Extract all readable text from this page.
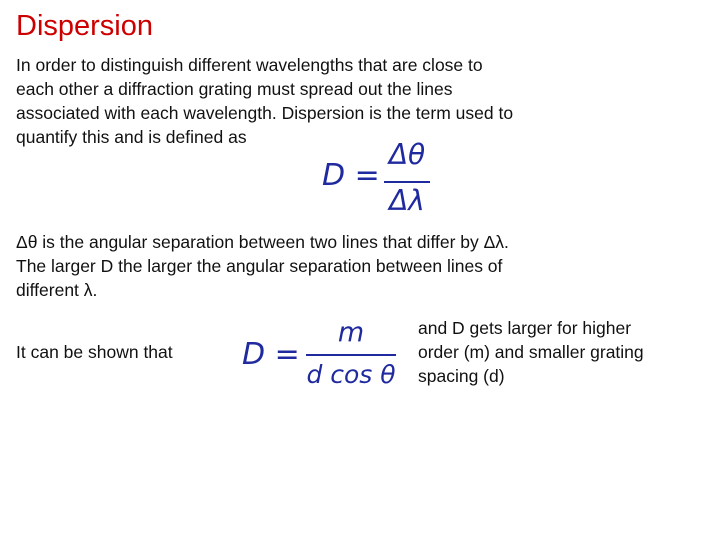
Dispersion
In order to distinguish different wavelengths that are close to
each other a diffraction grating must spread out the lines
associated with each wavelength. Dispersion is the term used to
quantify this and is defined as
D =
Δθ
Δλ
Δθ is the angular separation between two lines that differ by Δλ.
The larger D the larger the angular separation between lines of
different λ.
It can be shown that D =
m
d cos θ
and D gets larger for higher
order (m) and smaller grating
spacing (d)
